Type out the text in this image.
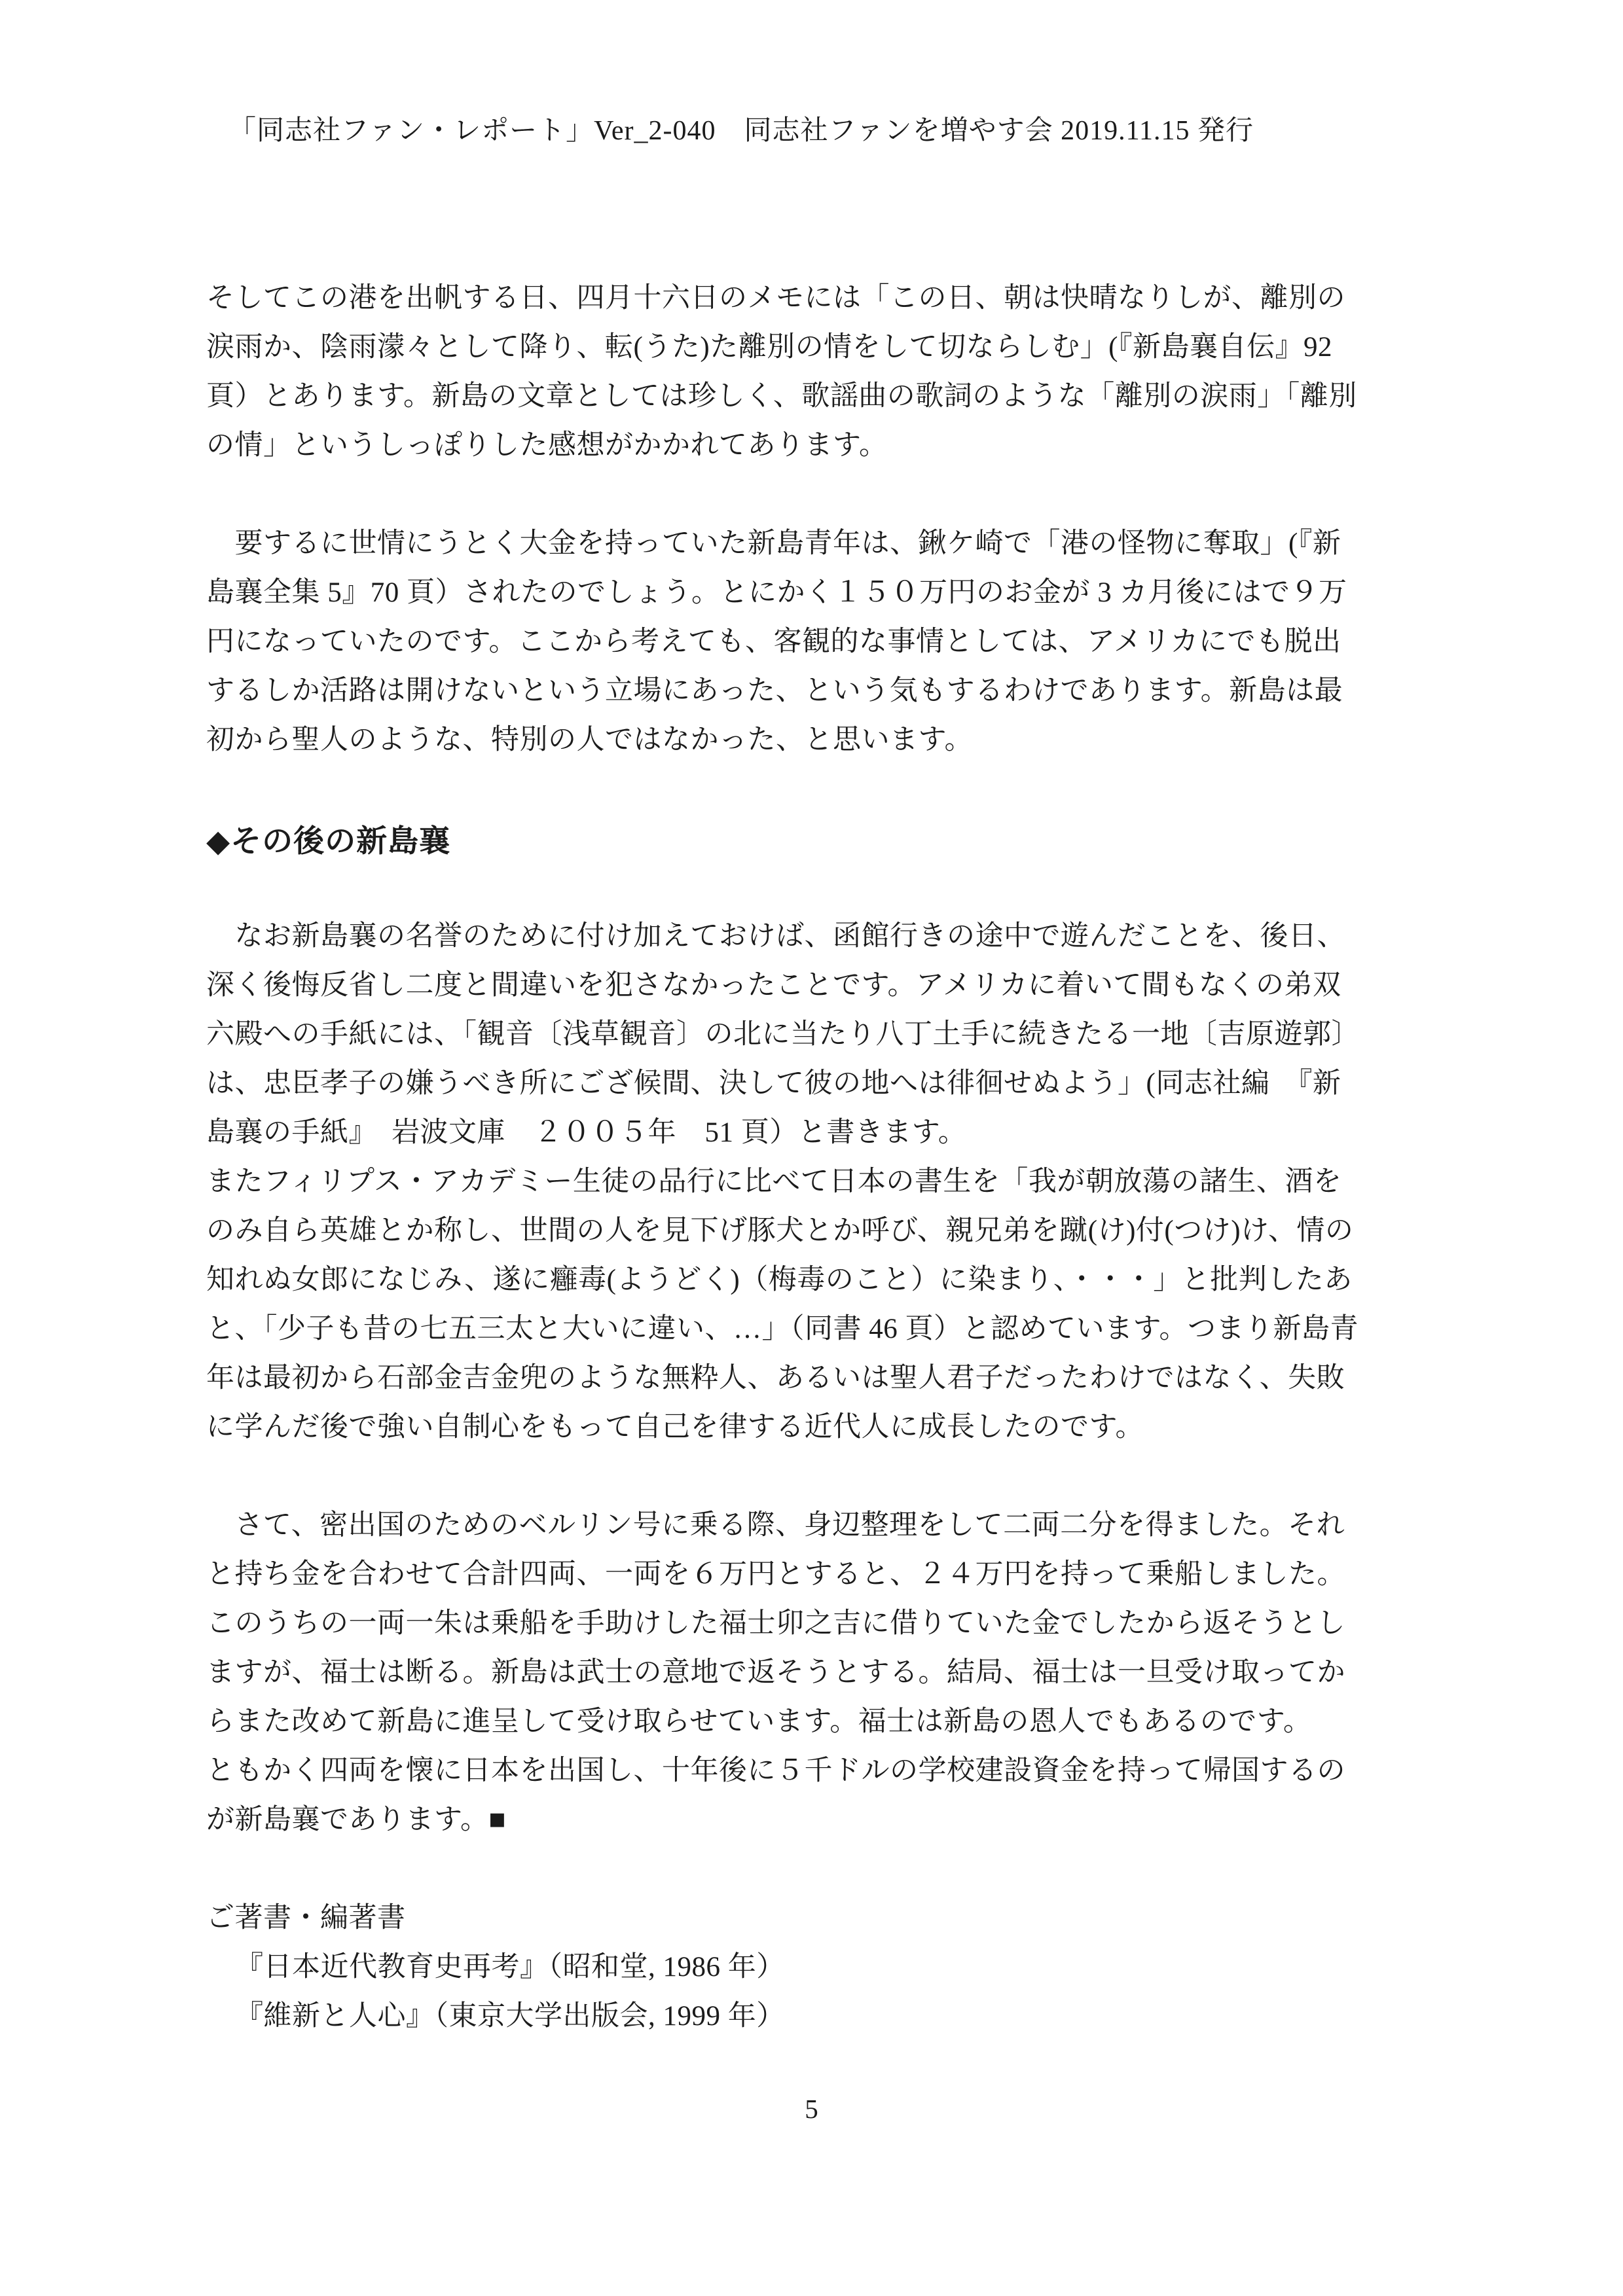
「同志社ファン・レポート」Ver_2-040　同志社ファンを増やす会 2019.11.15 発行
そしてこの港を出帆する日、四月十六日のメモには「この日、朝は快晴なりしが、離別の
涙雨か、陰雨濛々として降り、転(うた)た離別の情をして切ならしむ」(『新島襄自伝』92
頁）とあります。新島の文章としては珍しく、歌謡曲の歌詞のような「離別の涙雨」「離別
の情」というしっぽりした感想がかかれてあります。
　要するに世情にうとく大金を持っていた新島青年は、鍬ケ崎で「港の怪物に奪取」(『新
島襄全集 5』70 頁）されたのでしょう。とにかく１５０万円のお金が 3 カ月後にはで９万
円になっていたのです。ここから考えても、客観的な事情としては、アメリカにでも脱出
するしか活路は開けないという立場にあった、という気もするわけであります。新島は最
初から聖人のような、特別の人ではなかった、と思います。
◆その後の新島襄
　なお新島襄の名誉のために付け加えておけば、函館行きの途中で遊んだことを、後日、
深く後悔反省し二度と間違いを犯さなかったことです。アメリカに着いて間もなくの弟双
六殿への手紙には、「観音〔浅草観音〕の北に当たり八丁土手に続きたる一地〔吉原遊郭〕
は、忠臣孝子の嫌うべき所にござ候間、決して彼の地へは徘徊せぬよう」(同志社編　『新
島襄の手紙』　岩波文庫　２００５年　51 頁）と書きます。
またフィリプス・アカデミー生徒の品行に比べて日本の書生を「我が朝放蕩の諸生、酒を
のみ自ら英雄とか称し、世間の人を見下げ豚犬とか呼び、親兄弟を蹴(け)付(つけ)け、情の
知れぬ女郎になじみ、遂に癰毒(ようどく)（梅毒のこと）に染まり、・・・」と批判したあ
と、「少子も昔の七五三太と大いに違い、…」（同書 46 頁）と認めています。つまり新島青
年は最初から石部金吉金兜のような無粋人、あるいは聖人君子だったわけではなく、失敗
に学んだ後で強い自制心をもって自己を律する近代人に成長したのです。
　さて、密出国のためのベルリン号に乗る際、身辺整理をして二両二分を得ました。それ
と持ち金を合わせて合計四両、一両を６万円とすると、２４万円を持って乗船しました。
このうちの一両一朱は乗船を手助けした福士卯之吉に借りていた金でしたから返そうとし
ますが、福士は断る。新島は武士の意地で返そうとする。結局、福士は一旦受け取ってか
らまた改めて新島に進呈して受け取らせています。福士は新島の恩人でもあるのです。
ともかく四両を懐に日本を出国し、十年後に５千ドルの学校建設資金を持って帰国するの
が新島襄であります。■
ご著書・編著書
『日本近代教育史再考』（昭和堂, 1986 年）
『維新と人心』（東京大学出版会, 1999 年）
5
